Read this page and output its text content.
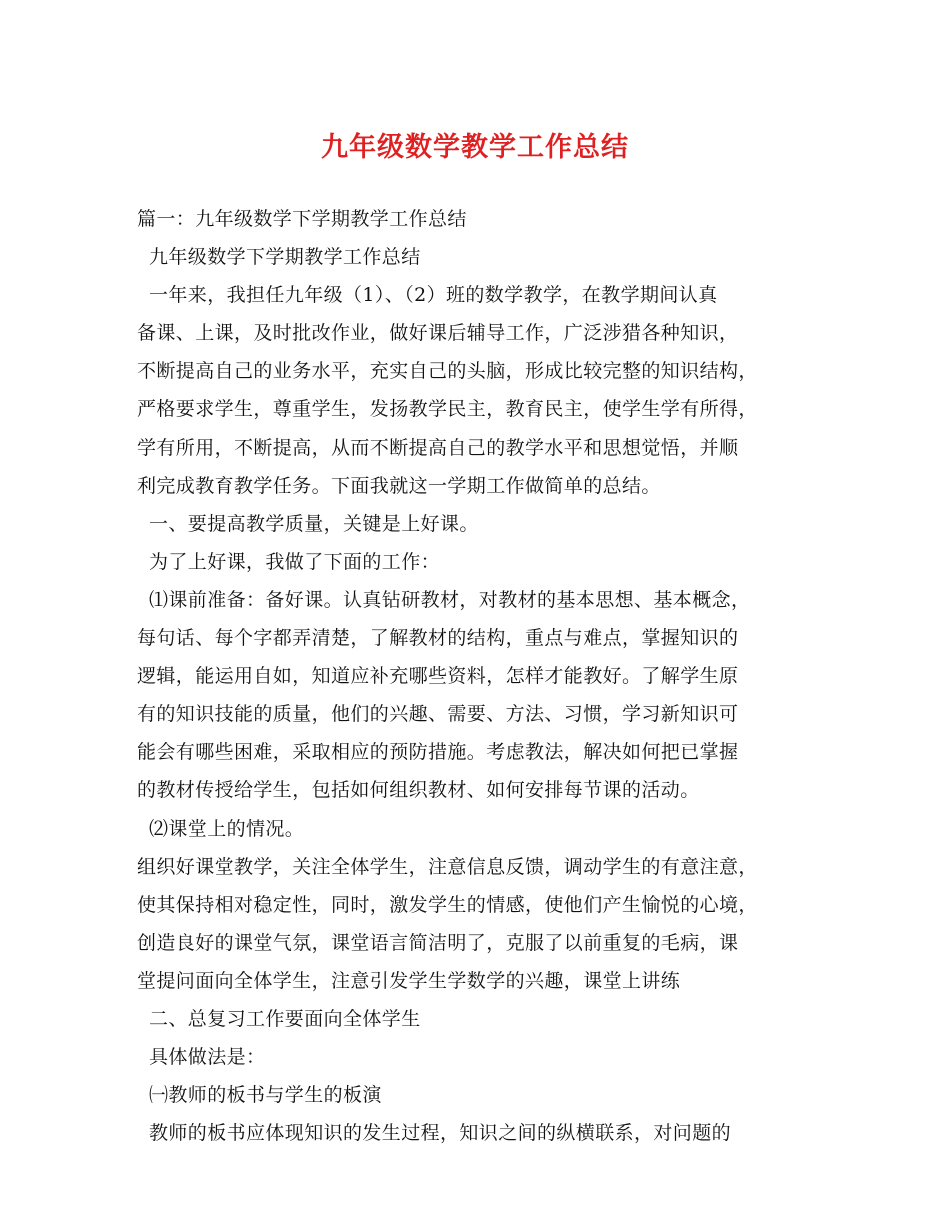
九年级数学教学工作总结
篇一：九年级数学下学期教学工作总结
九年级数学下学期教学工作总结
一年来，我担任九年级（1）、（2）班的数学教学，在教学期间认真
备课、上课，及时批改作业，做好课后辅导工作，广泛涉猎各种知识，
不断提高自己的业务水平，充实自己的头脑，形成比较完整的知识结构，
严格要求学生，尊重学生，发扬教学民主，教育民主，使学生学有所得，
学有所用，不断提高，从而不断提高自己的教学水平和思想觉悟，并顺
利完成教育教学任务。下面我就这一学期工作做简单的总结。
一、要提高教学质量，关键是上好课。
为了上好课，我做了下面的工作：
⑴课前准备：备好课。认真钻研教材，对教材的基本思想、基本概念，
每句话、每个字都弄清楚，了解教材的结构，重点与难点，掌握知识的
逻辑，能运用自如，知道应补充哪些资料，怎样才能教好。了解学生原
有的知识技能的质量，他们的兴趣、需要、方法、习惯，学习新知识可
能会有哪些困难，采取相应的预防措施。考虑教法，解决如何把已掌握
的教材传授给学生，包括如何组织教材、如何安排每节课的活动。
⑵课堂上的情况。
组织好课堂教学，关注全体学生，注意信息反馈，调动学生的有意注意，
使其保持相对稳定性，同时，激发学生的情感，使他们产生愉悦的心境，
创造良好的课堂气氛，课堂语言简洁明了，克服了以前重复的毛病，课
堂提问面向全体学生，注意引发学生学数学的兴趣，课堂上讲练
二、总复习工作要面向全体学生
具体做法是：
㈠教师的板书与学生的板演
教师的板书应体现知识的发生过程，知识之间的纵横联系，对问题的
